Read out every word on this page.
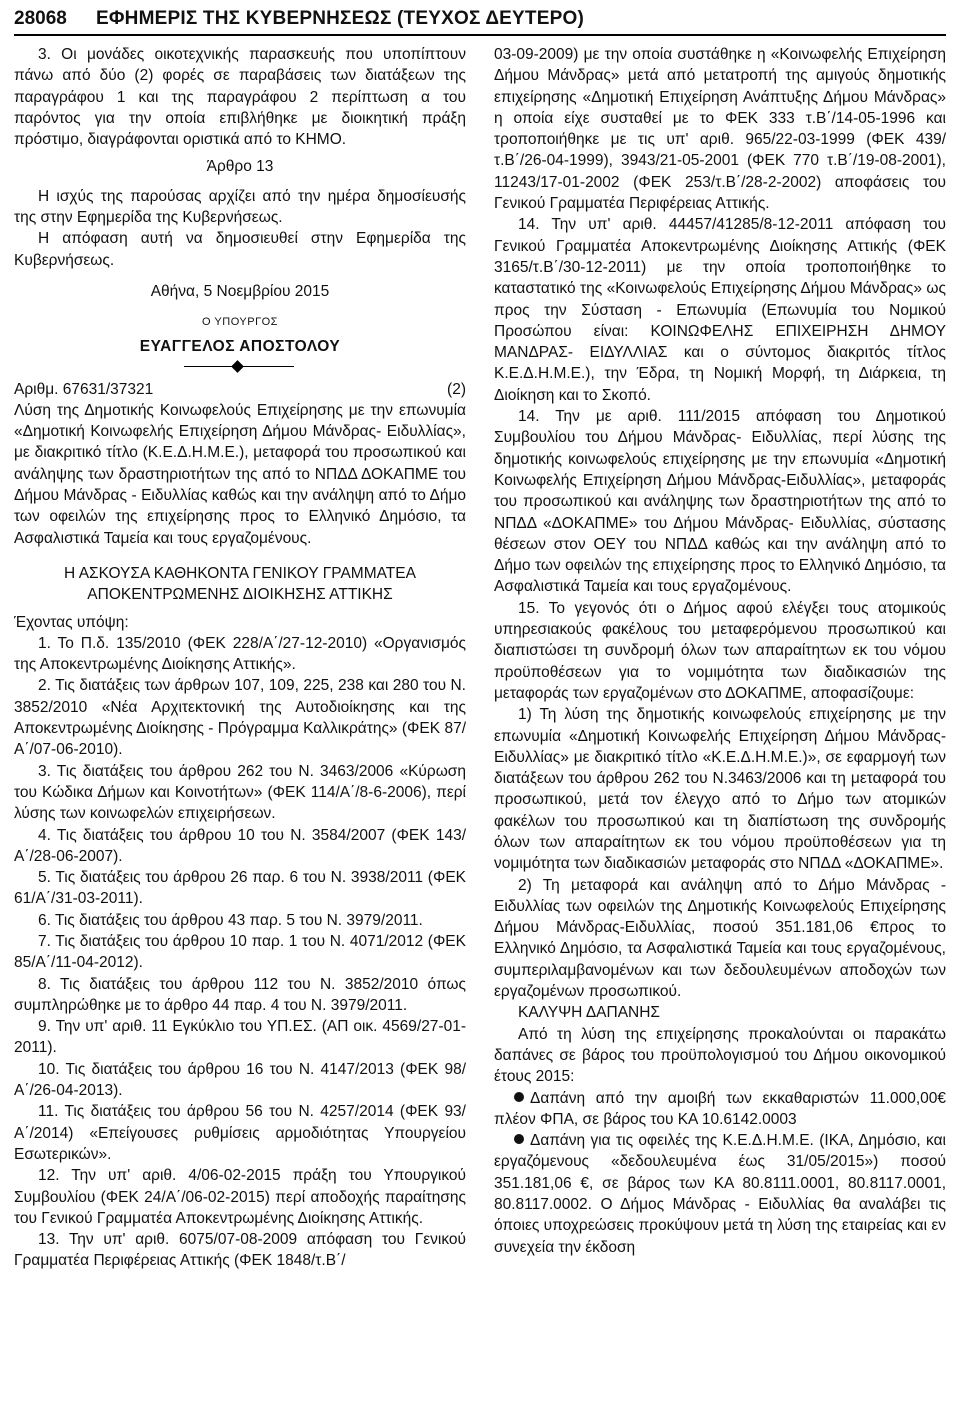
28068 ΕΦΗΜΕΡΙΣ ΤΗΣ ΚΥΒΕΡΝΗΣΕΩΣ (ΤΕΥΧΟΣ ΔΕΥΤΕΡΟ)

3. Οι μονάδες οικοτεχνικής παρασκευής που υποπίπτουν πάνω από δύο (2) φορές σε παραβάσεις των διατάξεων της παραγράφου 1 και της παραγράφου 2 περίπτωση α του παρόντος για την οποία επιβλήθηκε με διοικητική πράξη πρόστιμο, διαγράφονται οριστικά από το ΚΗΜΟ.

Άρθρο 13

Η ισχύς της παρούσας αρχίζει από την ημέρα δημοσίευσής της στην Εφημερίδα της Κυβερνήσεως.

Η απόφαση αυτή να δημοσιευθεί στην Εφημερίδα της Κυβερνήσεως.

Αθήνα, 5 Νοεμβρίου 2015

Ο ΥΠΟΥΡΓΟΣ

ΕΥΑΓΓΕΛΟΣ ΑΠΟΣΤΟΛΟΥ

Αριθμ. 67631/37321	(2)

Λύση της Δημοτικής Κοινωφελούς Επιχείρησης με την επωνυμία «Δημοτική Κοινωφελής Επιχείρηση Δήμου Μάνδρας- Ειδυλλίας», με διακριτικό τίτλο (Κ.Ε.Δ.Η.Μ.Ε.), μεταφορά του προσωπικού και ανάληψης των δραστηριοτήτων της από το ΝΠΔΔ ΔΟΚΑΠΜΕ του Δήμου Μάνδρας - Ειδυλλίας καθώς και την ανάληψη από το Δήμο των οφειλών της επιχείρησης προς το Ελληνικό Δημόσιο, τα Ασφαλιστικά Ταμεία και τους εργαζομένους.

Η ΑΣΚΟΥΣΑ ΚΑΘΗΚΟΝΤΑ ΓΕΝΙΚΟΥ ΓΡΑΜΜΑΤΕΑ

ΑΠΟΚΕΝΤΡΩΜΕΝΗΣ ΔΙΟΙΚΗΣΗΣ ΑΤΤΙΚΗΣ

Έχοντας υπόψη:

1. Το Π.δ. 135/2010 (ΦΕΚ 228/Α΄/27-12-2010) «Οργανισμός της Αποκεντρωμένης Διοίκησης Αττικής».

2. Τις διατάξεις των άρθρων 107, 109, 225, 238 και 280 του Ν. 3852/2010 «Νέα Αρχιτεκτονική της Αυτοδιοίκησης και της Αποκεντρωμένης Διοίκησης - Πρόγραμμα Καλλικράτης» (ΦΕΚ 87/Α΄/07-06-2010).

3. Τις διατάξεις του άρθρου 262 του Ν. 3463/2006 «Κύρωση του Κώδικα Δήμων και Κοινοτήτων» (ΦΕΚ 114/Α΄/8-6-2006), περί λύσης των κοινωφελών επιχειρήσεων.

4. Τις διατάξεις του άρθρου 10 του Ν. 3584/2007 (ΦΕΚ 143/Α΄/28-06-2007).

5. Τις διατάξεις του άρθρου 26 παρ. 6 του Ν. 3938/2011 (ΦΕΚ 61/Α΄/31-03-2011).

6. Τις διατάξεις του άρθρου 43 παρ. 5 του Ν. 3979/2011.

7. Τις διατάξεις του άρθρου 10 παρ. 1 του Ν. 4071/2012 (ΦΕΚ 85/Α΄/11-04-2012).

8. Τις διατάξεις του άρθρου 112 του Ν. 3852/2010 όπως συμπληρώθηκε με το άρθρο 44 παρ. 4 του Ν. 3979/2011.

9. Την υπ' αριθ. 11 Εγκύκλιο του ΥΠ.ΕΣ. (ΑΠ οικ. 4569/27-01-2011).

10. Τις διατάξεις του άρθρου 16 του Ν. 4147/2013 (ΦΕΚ 98/Α΄/26-04-2013).

11. Τις διατάξεις του άρθρου 56 του Ν. 4257/2014 (ΦΕΚ 93/Α΄/2014) «Επείγουσες ρυθμίσεις αρμοδιότητας Υπουργείου Εσωτερικών».

12. Την υπ' αριθ. 4/06-02-2015 πράξη του Υπουργικού Συμβουλίου (ΦΕΚ 24/Α΄/06-02-2015) περί αποδοχής παραίτησης του Γενικού Γραμματέα Αποκεντρωμένης Διοίκησης Αττικής.

13. Την υπ' αριθ. 6075/07-08-2009 απόφαση του Γενικού Γραμματέα Περιφέρειας Αττικής (ΦΕΚ 1848/τ.Β΄/

03-09-2009) με την οποία συστάθηκε η «Κοινωφελής Επιχείρηση Δήμου Μάνδρας» μετά από μετατροπή της αμιγούς δημοτικής επιχείρησης «Δημοτική Επιχείρηση Ανάπτυξης Δήμου Μάνδρας» η οποία είχε συσταθεί με το ΦΕΚ 333 τ.Β΄/14-05-1996 και τροποποιήθηκε με τις υπ' αριθ. 965/22-03-1999 (ΦΕΚ 439/τ.Β΄/26-04-1999), 3943/21-05-2001 (ΦΕΚ 770 τ.Β΄/19-08-2001), 11243/17-01-2002 (ΦΕΚ 253/τ.Β΄/28-2-2002) αποφάσεις του Γενικού Γραμματέα Περιφέρειας Αττικής.

14. Την υπ' αριθ. 44457/41285/8-12-2011 απόφαση του Γενικού Γραμματέα Αποκεντρωμένης Διοίκησης Αττικής (ΦΕΚ 3165/τ.Β΄/30-12-2011) με την οποία τροποποιήθηκε το καταστατικό της «Κοινωφελούς Επιχείρησης Δήμου Μάνδρας» ως προς την Σύσταση - Επωνυμία (Επωνυμία του Νομικού Προσώπου είναι: ΚΟΙΝΩΦΕΛΗΣ ΕΠΙΧΕΙΡΗΣΗ ΔΗΜΟΥ ΜΑΝΔΡΑΣ- ΕΙΔΥΛΛΙΑΣ και ο σύντομος διακριτός τίτλος Κ.Ε.Δ.Η.Μ.Ε.), την Έδρα, τη Νομική Μορφή, τη Διάρκεια, τη Διοίκηση και το Σκοπό.

14. Την με αριθ. 111/2015 απόφαση του Δημοτικού Συμβουλίου του Δήμου Μάνδρας- Ειδυλλίας, περί λύσης της δημοτικής κοινωφελούς επιχείρησης με την επωνυμία «Δημοτική Κοινωφελής Επιχείρηση Δήμου Μάνδρας-Ειδυλλίας», μεταφοράς του προσωπικού και ανάληψης των δραστηριοτήτων της από το ΝΠΔΔ «ΔΟΚΑΠΜΕ» του Δήμου Μάνδρας- Ειδυλλίας, σύστασης θέσεων στον ΟΕΥ του ΝΠΔΔ καθώς και την ανάληψη από το Δήμο των οφειλών της επιχείρησης προς το Ελληνικό Δημόσιο, τα Ασφαλιστικά Ταμεία και τους εργαζομένους.

15. Το γεγονός ότι ο Δήμος αφού ελέγξει τους ατομικούς υπηρεσιακούς φακέλους του μεταφερόμενου προσωπικού και διαπιστώσει τη συνδρομή όλων των απαραίτητων εκ του νόμου προϋποθέσεων για το νομιμότητα των διαδικασιών της μεταφοράς των εργαζομένων στο ΔΟΚΑΠΜΕ, αποφασίζουμε:

1) Τη λύση της δημοτικής κοινωφελούς επιχείρησης με την επωνυμία «Δημοτική Κοινωφελής Επιχείρηση Δήμου Μάνδρας-Ειδυλλίας» με διακριτικό τίτλο «Κ.Ε.Δ.Η.Μ.Ε.)», σε εφαρμογή των διατάξεων του άρθρου 262 του Ν.3463/2006 και τη μεταφορά του προσωπικού, μετά τον έλεγχο από το Δήμο των ατομικών φακέλων του προσωπικού και τη διαπίστωση της συνδρομής όλων των απαραίτητων εκ του νόμου προϋποθέσεων για τη νομιμότητα των διαδικασιών μεταφοράς στο ΝΠΔΔ «ΔΟΚΑΠΜΕ».

2) Τη μεταφορά και ανάληψη από το Δήμο Μάνδρας - Ειδυλλίας των οφειλών της Δημοτικής Κοινωφελούς Επιχείρησης Δήμου Μάνδρας-Ειδυλλίας, ποσού 351.181,06 €προς το Ελληνικό Δημόσιο, τα Ασφαλιστικά Ταμεία και τους εργαζομένους, συμπεριλαμβανομένων και των δεδουλευμένων αποδοχών των εργαζομένων προσωπικού.

ΚΑΛΥΨΗ ΔΑΠΑΝΗΣ

Από τη λύση της επιχείρησης προκαλούνται οι παρακάτω δαπάνες σε βάρος του προϋπολογισμού του Δήμου οικονομικού έτους 2015:

Δαπάνη από την αμοιβή των εκκαθαριστών 11.000,00€ πλέον ΦΠΑ, σε βάρος του ΚΑ 10.6142.0003

Δαπάνη για τις οφειλές της Κ.Ε.Δ.Η.Μ.Ε. (ΙΚΑ, Δημόσιο, και εργαζόμενους «δεδουλευμένα έως 31/05/2015») ποσού 351.181,06 €, σε βάρος των ΚΑ 80.8111.0001, 80.8117.0001, 80.8117.0002. Ο Δήμος Μάνδρας - Ειδυλλίας θα αναλάβει τις όποιες υποχρεώσεις προκύψουν μετά τη λύση της εταιρείας και εν συνεχεία την έκδοση
